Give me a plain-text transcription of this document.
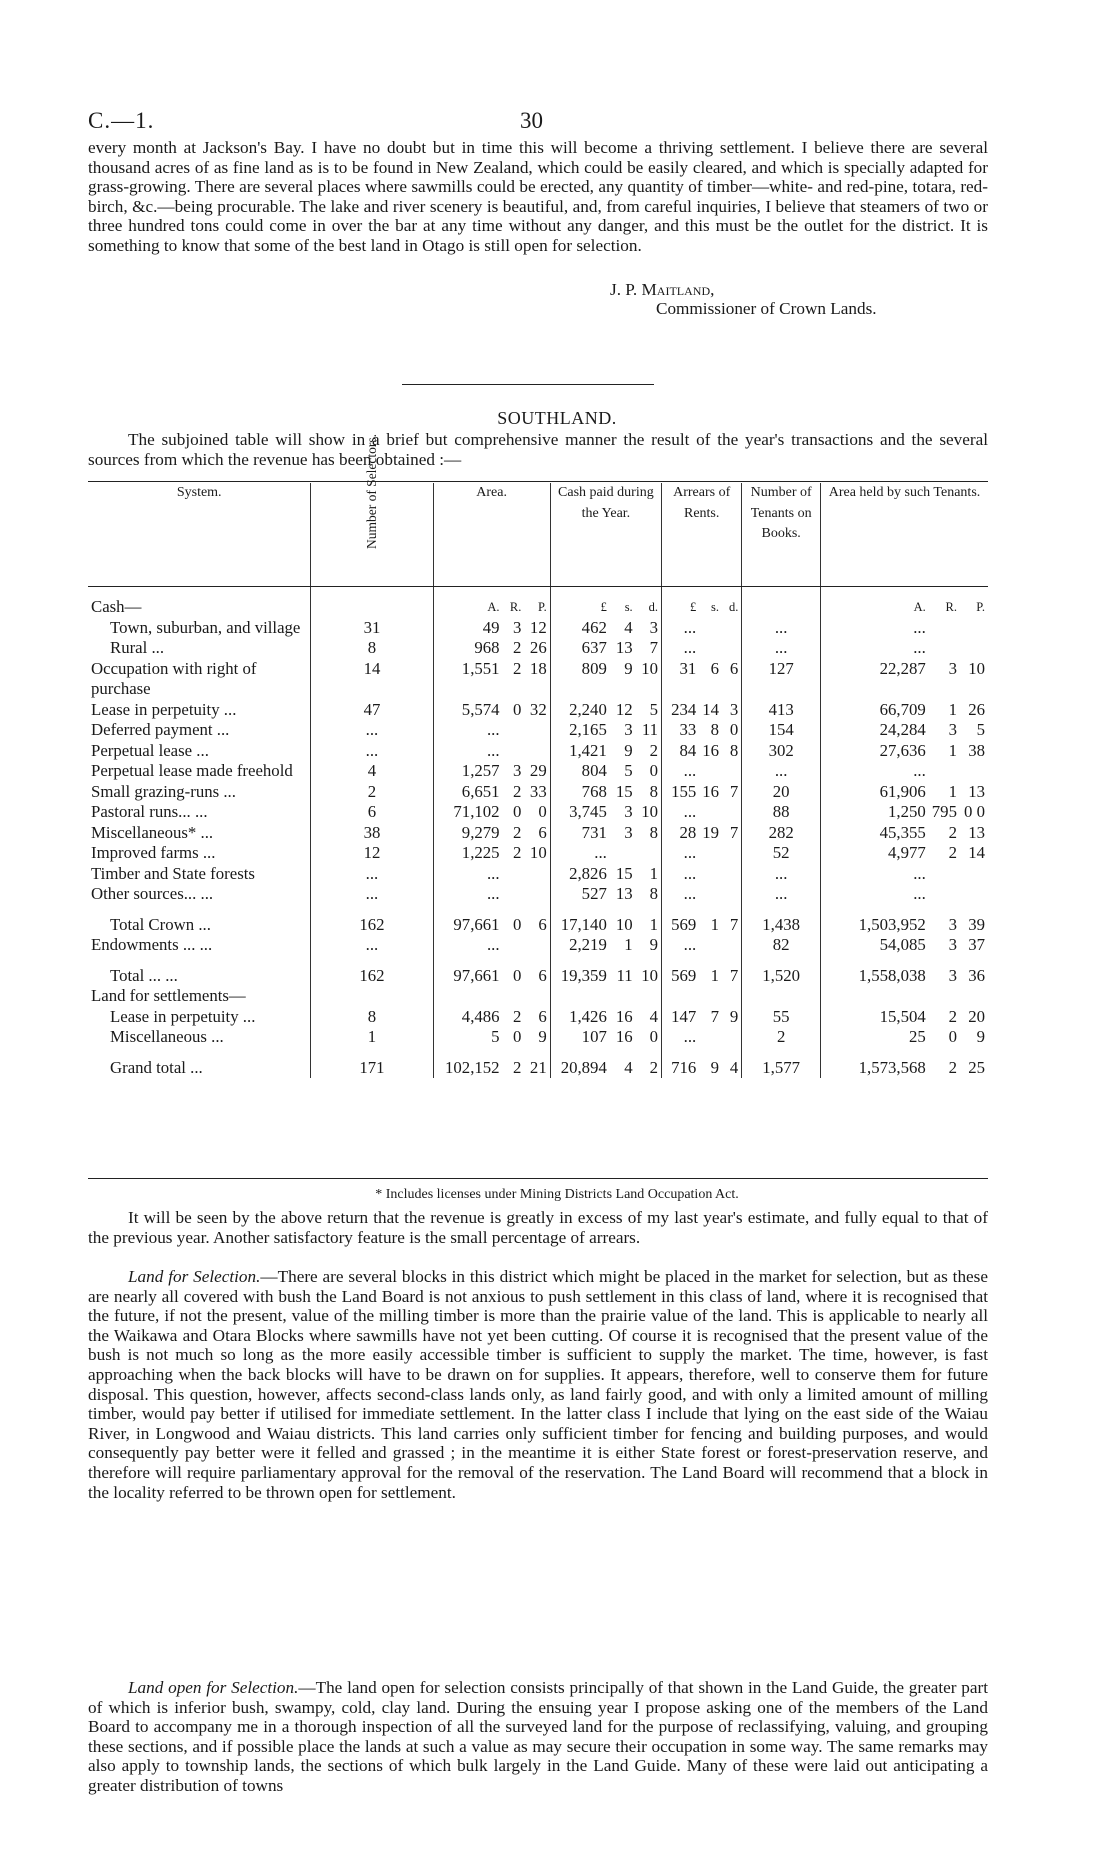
C.—1.	30
every month at Jackson's Bay. I have no doubt but in time this will become a thriving settlement. I believe there are several thousand acres of as fine land as is to be found in New Zealand, which could be easily cleared, and which is specially adapted for grass-growing. There are several places where sawmills could be erected, any quantity of timber—white- and red-pine, totara, red-birch, &c.—being procurable. The lake and river scenery is beautiful, and, from careful inquiries, I believe that steamers of two or three hundred tons could come in over the bar at any time without any danger, and this must be the outlet for the district. It is something to know that some of the best land in Otago is still open for selection.
J. P. Maitland,
Commissioner of Crown Lands.
SOUTHLAND.
The subjoined table will show in a brief but comprehensive manner the result of the year's transactions and the several sources from which the revenue has been obtained :—
System.	Number of Selectors.	Area.			Cash paid during the Year.			Arrears of Rents.			Number of Tenants on Books.	Area held by such Tenants.		

Cash—		A.	R.	P.	£	s.	d.	£	s.	d.		A.	R.	P.
Town, suburban, and village	31	49	3	12	462	4	3	...			...	...		
Rural ...	8	968	2	26	637	13	7	...			...	...		
Occupation with right of purchase	14	1,551	2	18	809	9	10	31	6	6	127	22,287	3	10
Lease in perpetuity ...	47	5,574	0	32	2,240	12	5	234	14	3	413	66,709	1	26
Deferred payment ...	...	...			2,165	3	11	33	8	0	154	24,284	3	5
Perpetual lease ...	...	...			1,421	9	2	84	16	8	302	27,636	1	38
Perpetual lease made freehold	4	1,257	3	29	804	5	0	...			...	...		
Small grazing-runs ...	2	6,651	2	33	768	15	8	155	16	7	20	61,906	1	13
Pastoral runs... ...	6	71,102	0	0	3,745	3	10	...			88	1,250	795	0 0
Miscellaneous* ...	38	9,279	2	6	731	3	8	28	19	7	282	45,355	2	13
Improved farms ...	12	1,225	2	10	...			...			52	4,977	2	14
Timber and State forests	...	...			2,826	15	1	...			...	...		
Other sources... ...	...	...			527	13	8	...			...	...		

Total Crown ...	162	97,661	0	6	17,140	10	1	569	1	7	1,438	1,503,952	3	39
Endowments ... ...	...	...			2,219	1	9	...			82	54,085	3	37

Total ... ...	162	97,661	0	6	19,359	11	10	569	1	7	1,520	1,558,038	3	36
Land for settlements—														
Lease in perpetuity ...	8	4,486	2	6	1,426	16	4	147	7	9	55	15,504	2	20
Miscellaneous ...	1	5	0	9	107	16	0	...			2	25	0	9

Grand total ...	171	102,152	2	21	20,894	4	2	716	9	4	1,577	1,573,568	2	25
* Includes licenses under Mining Districts Land Occupation Act.
It will be seen by the above return that the revenue is greatly in excess of my last year's estimate, and fully equal to that of the previous year. Another satisfactory feature is the small percentage of arrears.
Land for Selection.—There are several blocks in this district which might be placed in the market for selection, but as these are nearly all covered with bush the Land Board is not anxious to push settlement in this class of land, where it is recognised that the future, if not the present, value of the milling timber is more than the prairie value of the land. This is applicable to nearly all the Waikawa and Otara Blocks where sawmills have not yet been cutting. Of course it is recognised that the present value of the bush is not much so long as the more easily accessible timber is sufficient to supply the market. The time, however, is fast approaching when the back blocks will have to be drawn on for supplies. It appears, therefore, well to conserve them for future disposal. This question, however, affects second-class lands only, as land fairly good, and with only a limited amount of milling timber, would pay better if utilised for immediate settlement. In the latter class I include that lying on the east side of the Waiau River, in Longwood and Waiau districts. This land carries only sufficient timber for fencing and building purposes, and would consequently pay better were it felled and grassed ; in the meantime it is either State forest or forest-preservation reserve, and therefore will require parliamentary approval for the removal of the reservation. The Land Board will recommend that a block in the locality referred to be thrown open for settlement.
Land open for Selection.—The land open for selection consists principally of that shown in the Land Guide, the greater part of which is inferior bush, swampy, cold, clay land. During the ensuing year I propose asking one of the members of the Land Board to accompany me in a thorough inspection of all the surveyed land for the purpose of reclassifying, valuing, and grouping these sections, and if possible place the lands at such a value as may secure their occupation in some way. The same remarks may also apply to township lands, the sections of which bulk largely in the Land Guide. Many of these were laid out anticipating a greater distribution of towns
